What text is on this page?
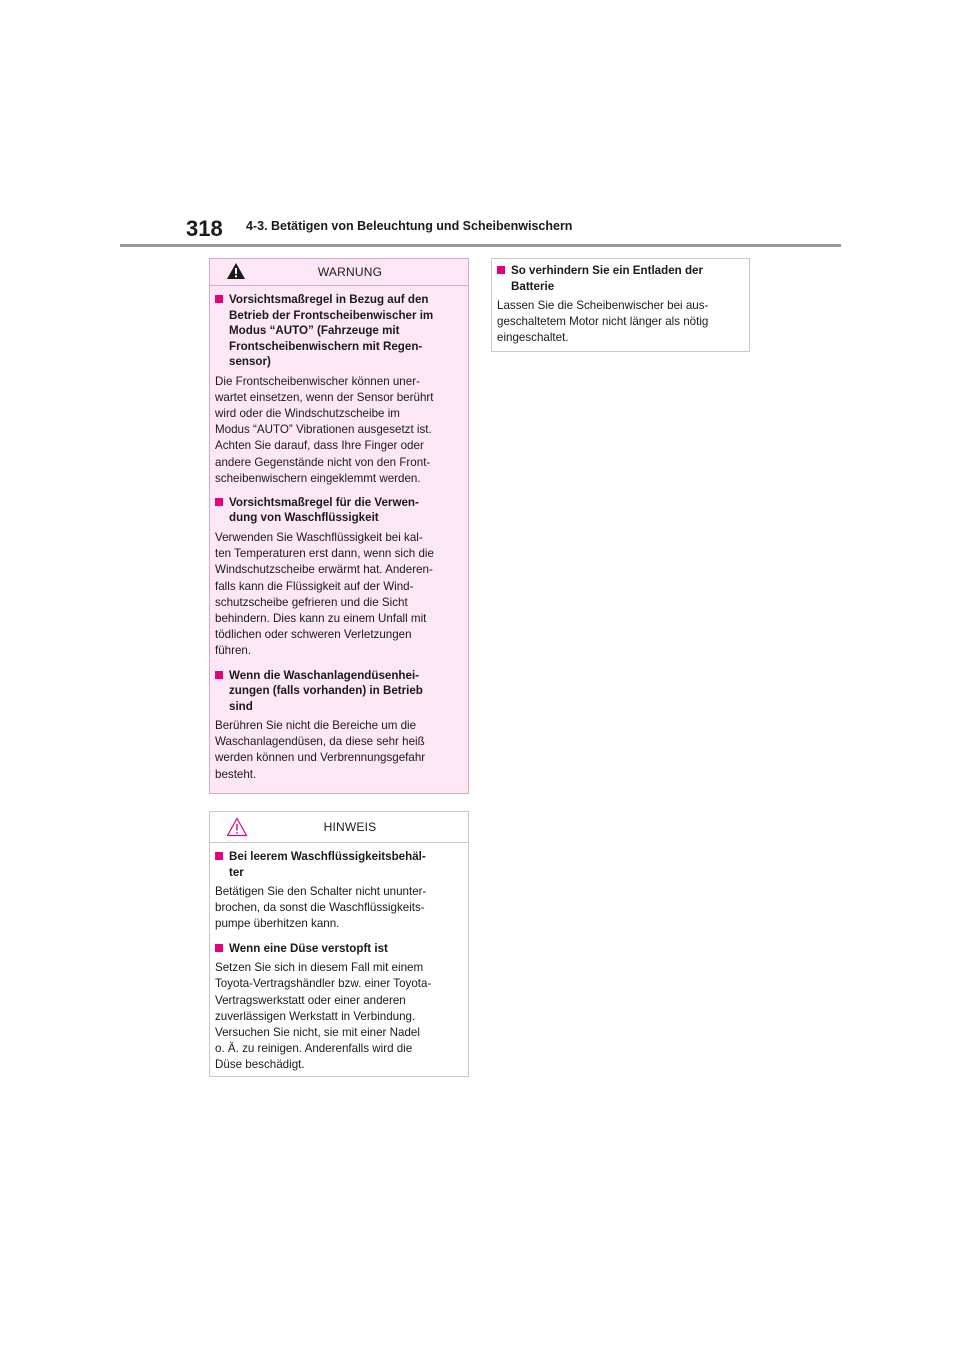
318 4-3. Betätigen von Beleuchtung und Scheibenwischern
WARNUNG
Vorsichtsmaßregel in Bezug auf den
Betrieb der Frontscheibenwischer im
Modus “AUTO” (Fahrzeuge mit
Frontscheibenwischern mit Regen-
sensor)
Die Frontscheibenwischer können uner-
wartet einsetzen, wenn der Sensor berührt
wird oder die Windschutzscheibe im
Modus “AUTO” Vibrationen ausgesetzt ist.
Achten Sie darauf, dass Ihre Finger oder
andere Gegenstände nicht von den Front-
scheibenwischern eingeklemmt werden.
Vorsichtsmaßregel für die Verwen-
dung von Waschflüssigkeit
Verwenden Sie Waschflüssigkeit bei kal-
ten Temperaturen erst dann, wenn sich die
Windschutzscheibe erwärmt hat. Anderen-
falls kann die Flüssigkeit auf der Wind-
schutzscheibe gefrieren und die Sicht
behindern. Dies kann zu einem Unfall mit
tödlichen oder schweren Verletzungen
führen.
Wenn die Waschanlagendüsenhei-
zungen (falls vorhanden) in Betrieb
sind
Berühren Sie nicht die Bereiche um die
Waschanlagendüsen, da diese sehr heiß
werden können und Verbrennungsgefahr
besteht.
HINWEIS
Bei leerem Waschflüssigkeitsbehäl-
ter
Betätigen Sie den Schalter nicht ununter-
brochen, da sonst die Waschflüssigkeits-
pumpe überhitzen kann.
Wenn eine Düse verstopft ist
Setzen Sie sich in diesem Fall mit einem
Toyota-Vertragshändler bzw. einer Toyota-
Vertragswerkstatt oder einer anderen
zuverlässigen Werkstatt in Verbindung.
Versuchen Sie nicht, sie mit einer Nadel
o. Ä. zu reinigen. Anderenfalls wird die
Düse beschädigt.
So verhindern Sie ein Entladen der
Batterie
Lassen Sie die Scheibenwischer bei aus-
geschaltetem Motor nicht länger als nötig
eingeschaltet.
